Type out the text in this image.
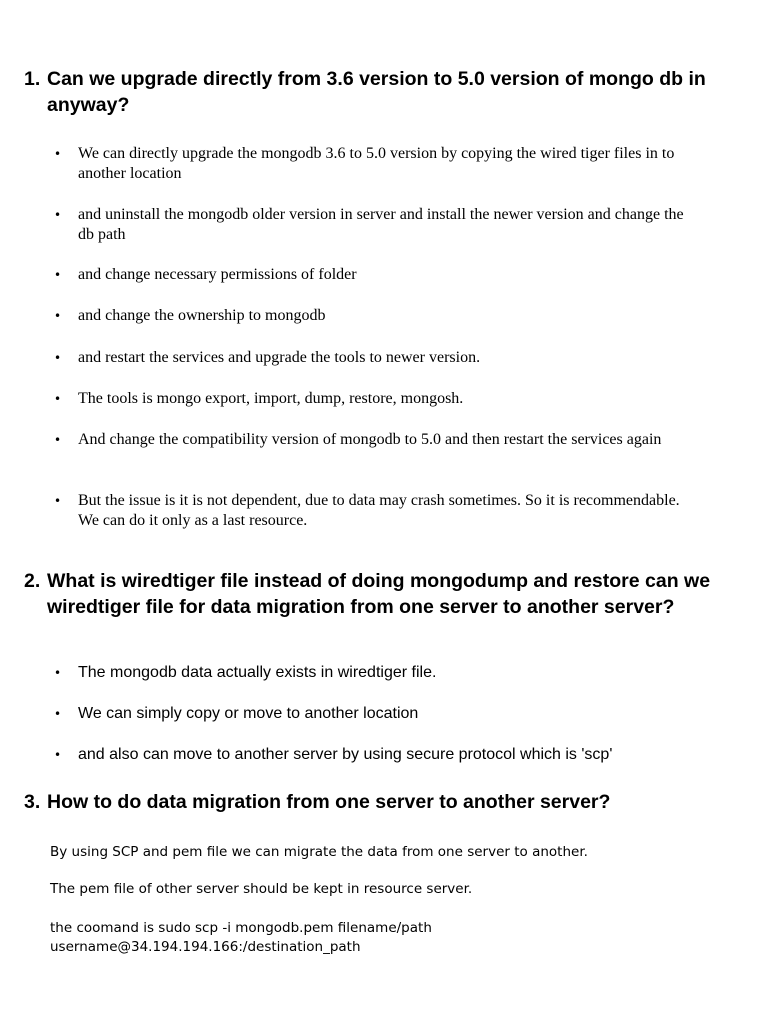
1. Can we upgrade directly from 3.6 version to 5.0 version of mongo db in anyway?
• We can directly upgrade the mongodb 3.6 to 5.0 version by copying the wired tiger files in to another location
• and uninstall the mongodb older version in server and install the newer version and change the db path
• and change necessary permissions of folder
• and change the ownership to mongodb
• and restart the services and upgrade the tools to newer version.
• The tools is mongo export, import, dump, restore, mongosh.
• And change the compatibility version of mongodb to 5.0 and then restart the services again
• But the issue is it is not dependent, due to data may crash sometimes. So it is recommendable. We can do it only as a last resource.
2. What is wiredtiger file instead of doing mongodump and restore can we wiredtiger file for data migration from one server to another server?
• The mongodb data actually exists in wiredtiger file.
• We can simply copy or move to another location
• and also can move to another server by using secure protocol which is 'scp'
3. How to do data migration from one server to another server?

By using SCP and pem file we can migrate the data from one server to another.

The pem file of other server should be kept in resource server.

the coomand is sudo scp -i mongodb.pem filename/path

username@34.194.194.166:/destination_path
